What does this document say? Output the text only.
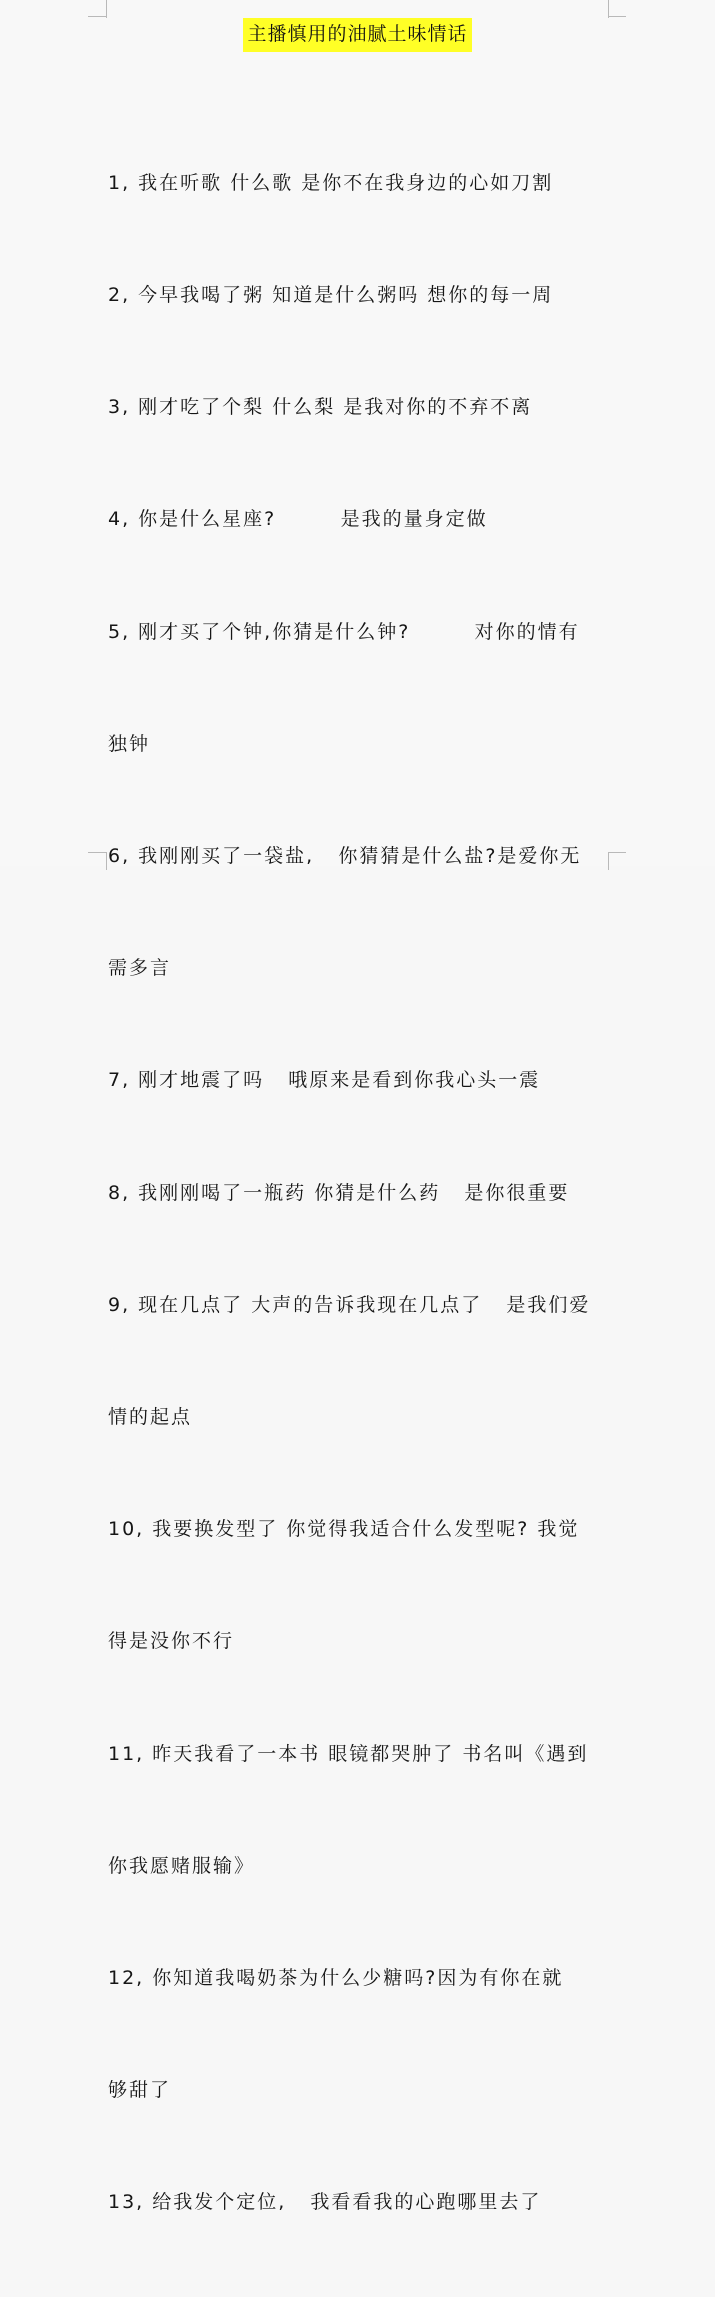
主播慎用的油腻土味情话

1, 我在听歌 什么歌 是你不在我身边的心如刀割

2, 今早我喝了粥 知道是什么粥吗 想你的每一周

3, 刚才吃了个梨 什么梨 是我对你的不弃不离

4, 你是什么星座?        是我的量身定做

5, 刚才买了个钟,你猜是什么钟?        对你的情有

独钟

6, 我刚刚买了一袋盐,   你猜猜是什么盐?是爱你无

需多言

7, 刚才地震了吗   哦原来是看到你我心头一震

8, 我刚刚喝了一瓶药 你猜是什么药   是你很重要

9, 现在几点了 大声的告诉我现在几点了   是我们爱

情的起点

10, 我要换发型了 你觉得我适合什么发型呢? 我觉

得是没你不行

11, 昨天我看了一本书 眼镜都哭肿了 书名叫《遇到

你我愿赌服输》

12, 你知道我喝奶茶为什么少糖吗?因为有你在就

够甜了

13, 给我发个定位,   我看看我的心跑哪里去了
